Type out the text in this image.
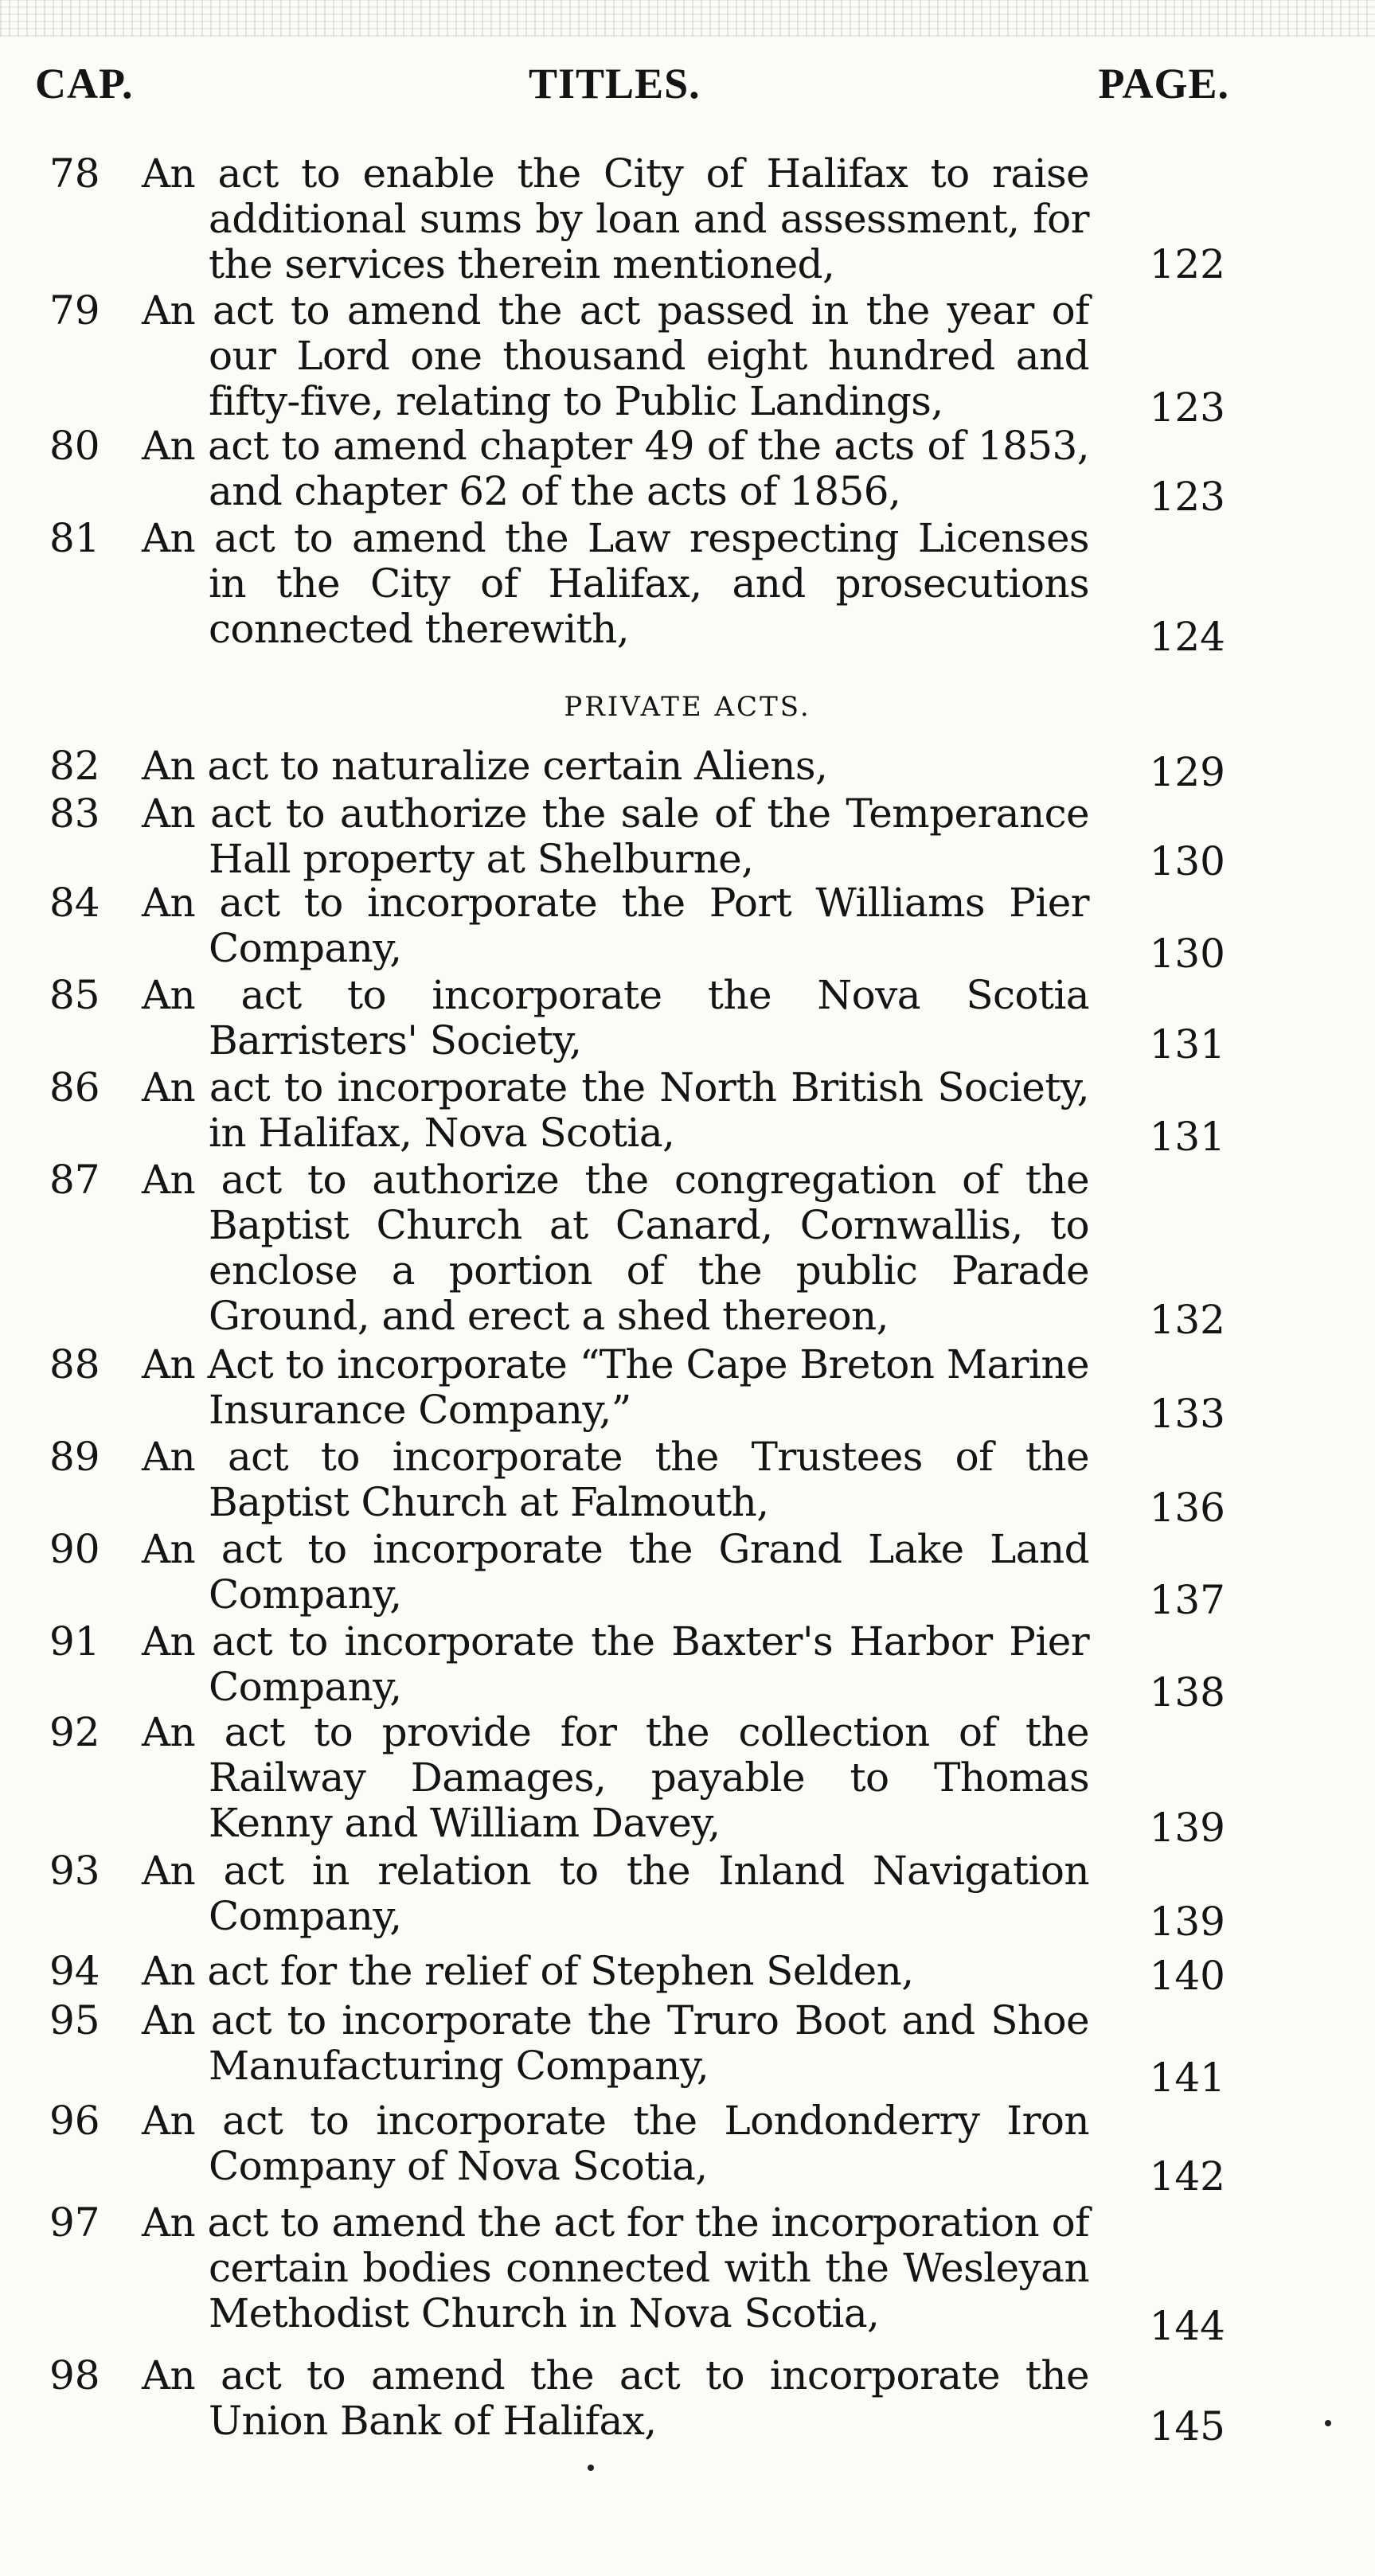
CAP.	TITLES.	PAGE.
PRIVATE ACTS.
78 An act to enable the City of Halifax to raise additional sums by loan and assessment, for the services therein mentioned,	122
79 An act to amend the act passed in the year of our Lord one thousand eight hundred and fifty-five, relating to Public Landings,	123
80 An act to amend chapter 49 of the acts of 1853, and chapter 62 of the acts of 1856,	123
81 An act to amend the Law respecting Licenses in the City of Halifax, and prosecutions connected therewith,	124
82 An act to naturalize certain Aliens,	129
83 An act to authorize the sale of the Temperance Hall property at Shelburne,	130
84 An act to incorporate the Port Williams Pier Company,	130
85 An act to incorporate the Nova Scotia Barristers' Society,	131
86 An act to incorporate the North British Society, in Halifax, Nova Scotia,	131
87 An act to authorize the congregation of the Baptist Church at Canard, Cornwallis, to enclose a portion of the public Parade Ground, and erect a shed thereon,	132
88 An Act to incorporate “The Cape Breton Marine Insurance Company,”	133
89 An act to incorporate the Trustees of the Baptist Church at Falmouth,	136
90 An act to incorporate the Grand Lake Land Company,	137
91 An act to incorporate the Baxter's Harbor Pier Company,	138
92 An act to provide for the collection of the Railway Damages, payable to Thomas Kenny and William Davey,	139
93 An act in relation to the Inland Navigation Company,	139
94 An act for the relief of Stephen Selden,	140
95 An act to incorporate the Truro Boot and Shoe Manufacturing Company,	141
96 An act to incorporate the Londonderry Iron Company of Nova Scotia,	142
97 An act to amend the act for the incorporation of certain bodies connected with the Wesleyan Methodist Church in Nova Scotia,	144
98 An act to amend the act to incorporate the Union Bank of Halifax,	145
